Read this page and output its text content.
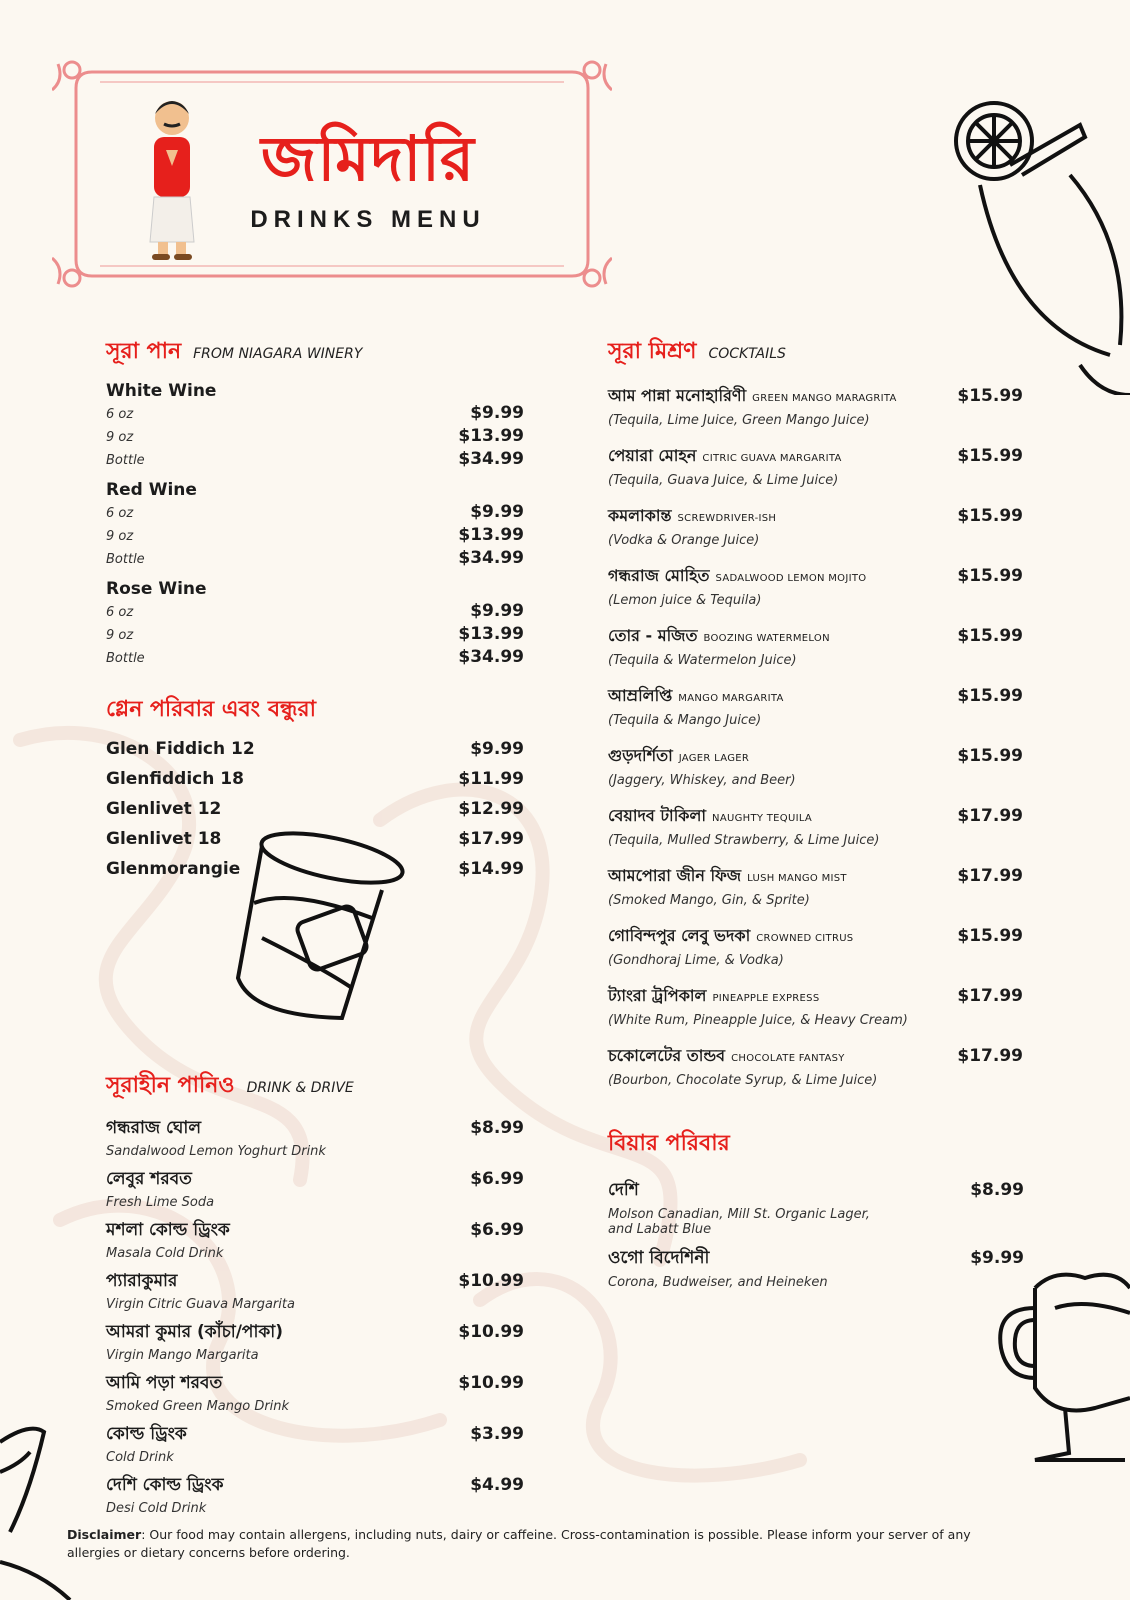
জমিদারি
DRINKS MENU
সূরা পান FROM NIAGARA WINERY
White Wine
6 oz	$9.99
9 oz	$13.99
Bottle	$34.99
Red Wine
6 oz	$9.99
9 oz	$13.99
Bottle	$34.99
Rose Wine
6 oz	$9.99
9 oz	$13.99
Bottle	$34.99
গ্লেন পরিবার এবং বন্ধুরা
Glen Fiddich 12	$9.99
Glenfiddich 18	$11.99
Glenlivet 12	$12.99
Glenlivet 18	$17.99
Glenmorangie	$14.99
সূরা মিশ্রণ COCKTAILS
আম পান্না মনোহারিণী GREEN MANGO MARAGRITA	$15.99
(Tequila, Lime Juice, Green Mango Juice)
পেয়ারা মোহন CITRIC GUAVA MARGARITA	$15.99
(Tequila, Guava Juice, & Lime Juice)
কমলাকান্ত SCREWDRIVER-ISH	$15.99
(Vodka & Orange Juice)
গন্ধরাজ মোহিত SADALWOOD LEMON MOJITO	$15.99
(Lemon juice & Tequila)
তোর - মজিত BOOZING WATERMELON	$15.99
(Tequila & Watermelon Juice)
আম্রলিপ্তি MANGO MARGARITA	$15.99
(Tequila & Mango Juice)
গুড়দর্শিতা JAGER LAGER	$15.99
(Jaggery, Whiskey, and Beer)
বেয়াদব টাকিলা NAUGHTY TEQUILA	$17.99
(Tequila, Mulled Strawberry, & Lime Juice)
আমপোরা জীন ফিজ LUSH MANGO MIST	$17.99
(Smoked Mango, Gin, & Sprite)
গোবিন্দপুর লেবু ভদকা CROWNED CITRUS	$15.99
(Gondhoraj Lime, & Vodka)
ট্যাংরা ট্রপিকাল PINEAPPLE EXPRESS	$17.99
(White Rum, Pineapple Juice, & Heavy Cream)
চকোলেটের তান্ডব CHOCOLATE FANTASY	$17.99
(Bourbon, Chocolate Syrup, & Lime Juice)
সূরাহীন পানিও DRINK & DRIVE
গন্ধরাজ ঘোল	$8.99
Sandalwood Lemon Yoghurt Drink
লেবুর শরবত	$6.99
Fresh Lime Soda
মশলা কোল্ড ড্রিংক	$6.99
Masala Cold Drink
প্যারাকুমার	$10.99
Virgin Citric Guava Margarita
আমরা কুমার (কাঁচা/পাকা)	$10.99
Virgin Mango Margarita
আমি পড়া শরবত	$10.99
Smoked Green Mango Drink
কোল্ড ড্রিংক	$3.99
Cold Drink
দেশি কোল্ড ড্রিংক	$4.99
Desi Cold Drink
বিয়ার পরিবার
দেশি	$8.99
Molson Canadian, Mill St. Organic Lager, and Labatt Blue
ওগো বিদেশিনী	$9.99
Corona, Budweiser, and Heineken
Disclaimer: Our food may contain allergens, including nuts, dairy or caffeine. Cross-contamination is possible. Please inform your server of any allergies or dietary concerns before ordering.
